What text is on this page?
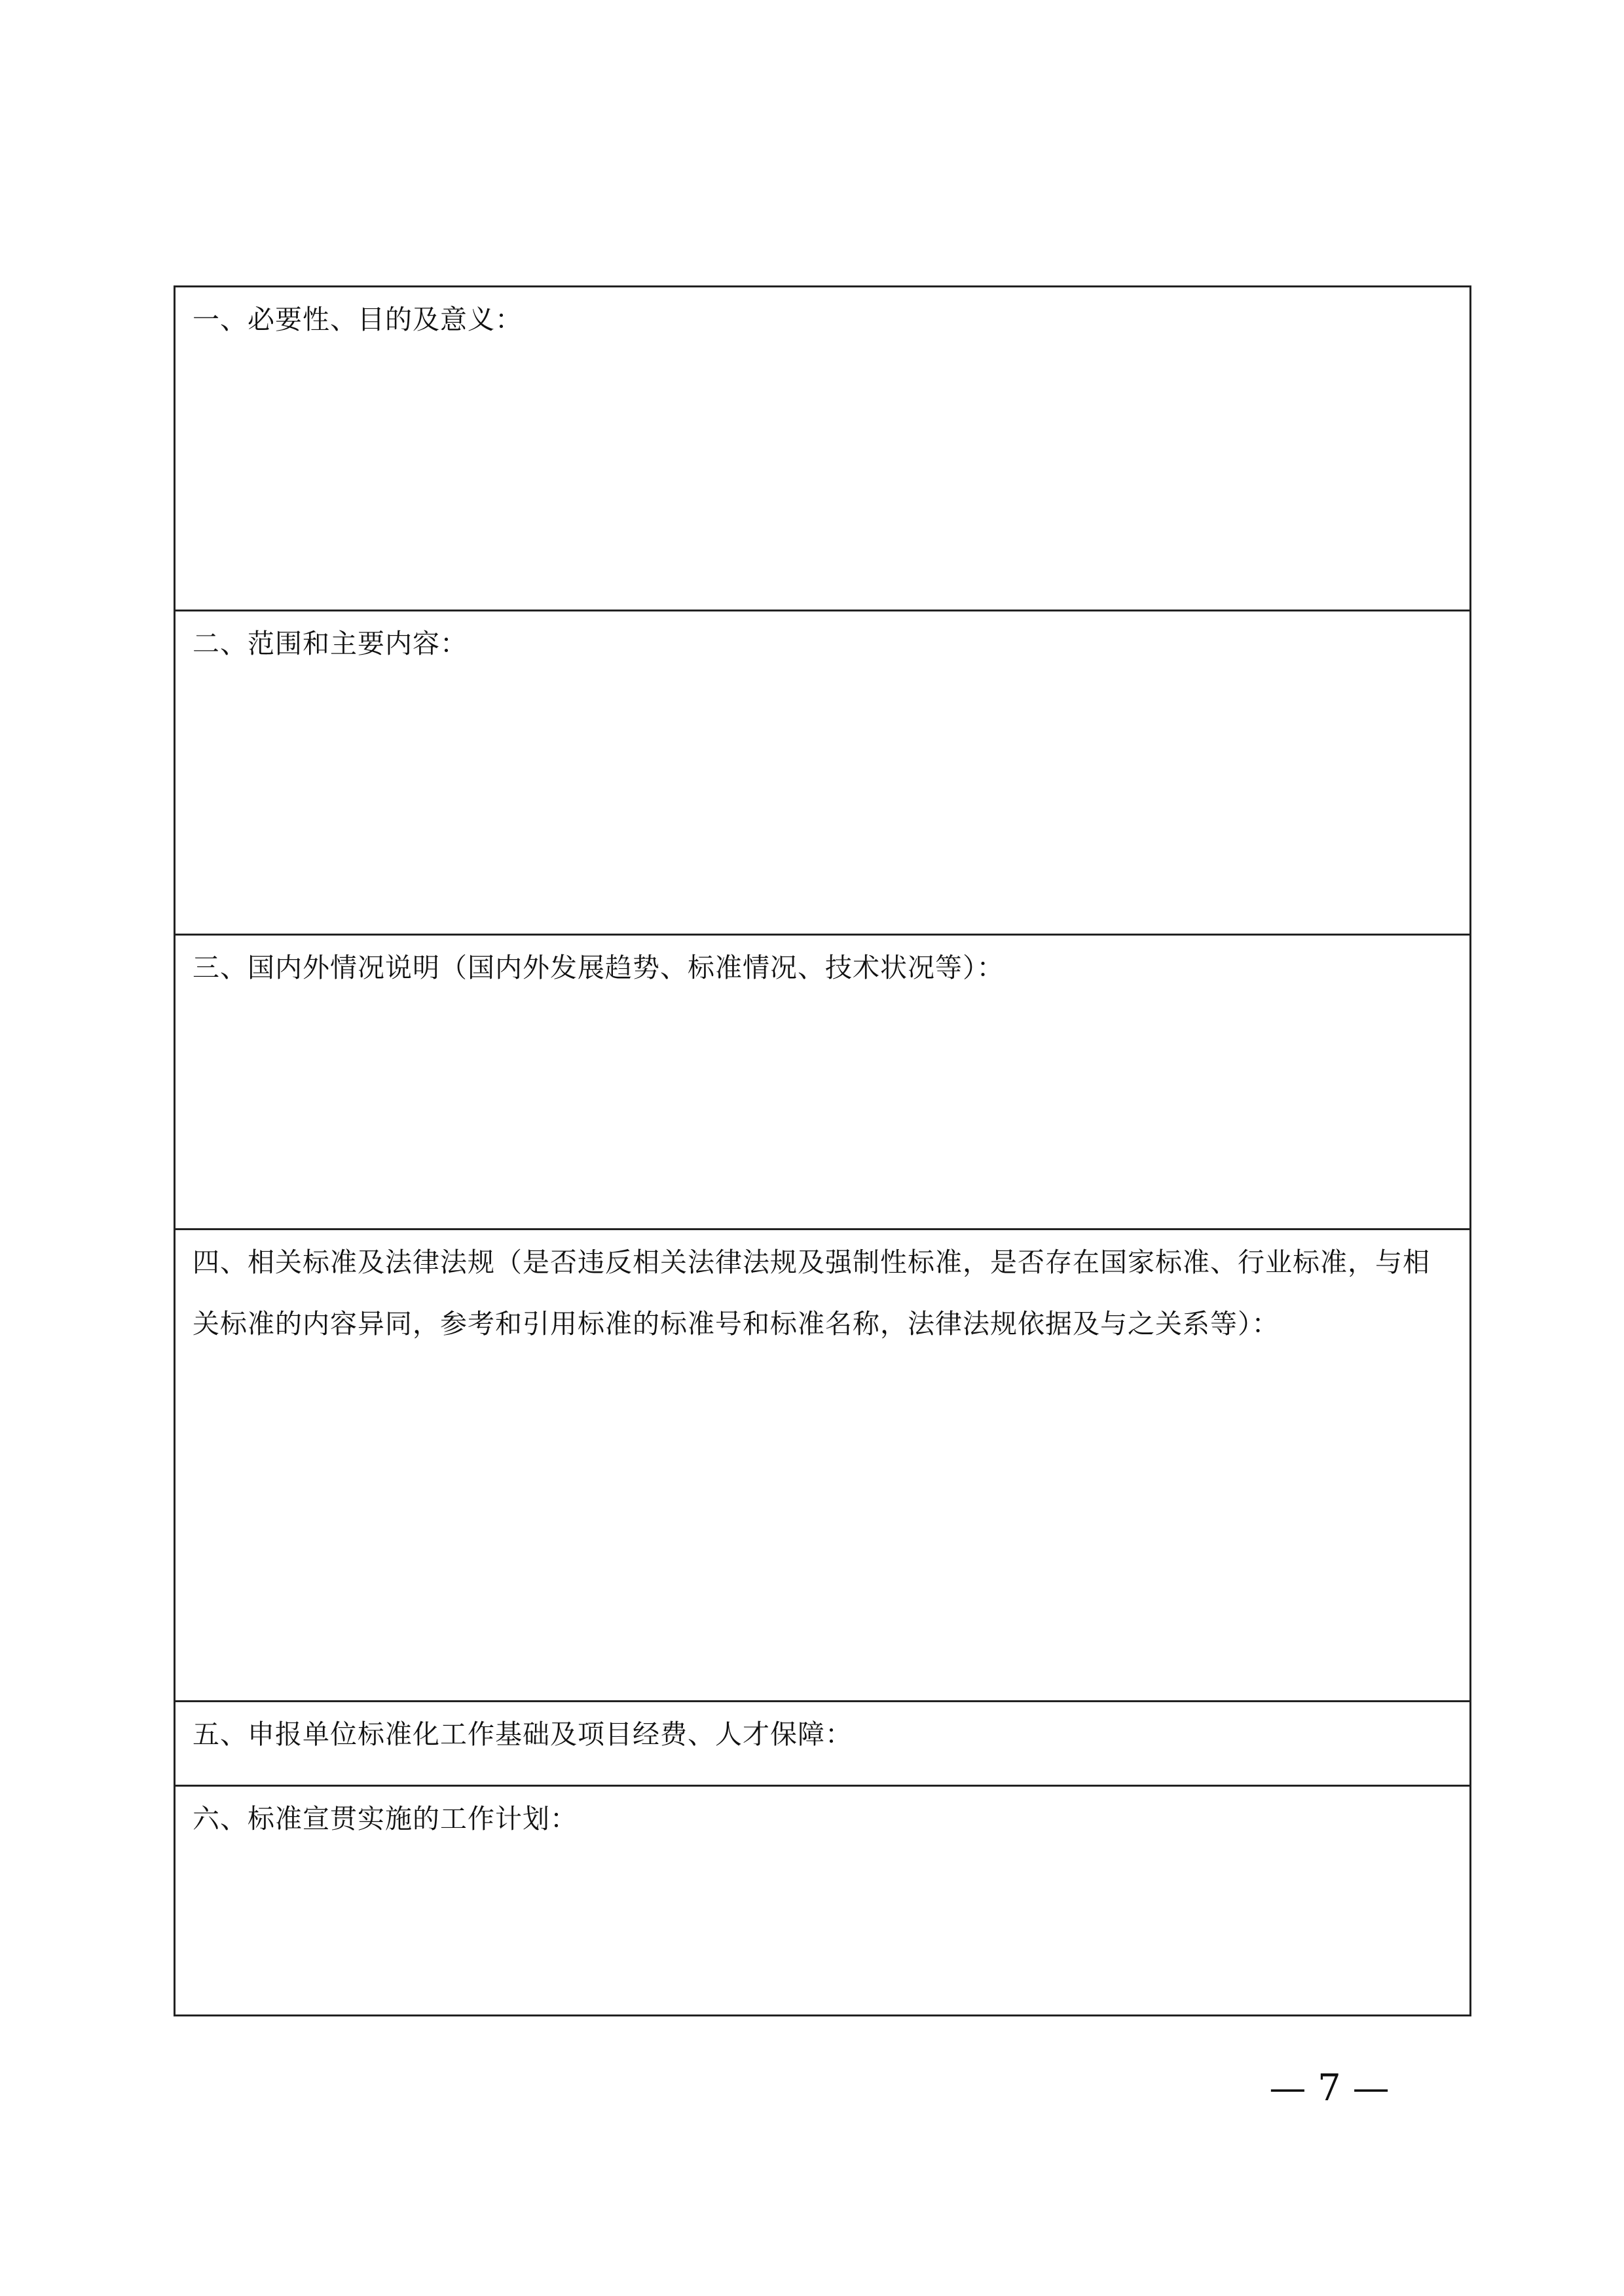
一、必要性、目的及意义：
二、范围和主要内容：
三、国内外情况说明（国内外发展趋势、标准情况、技术状况等）：
四、相关标准及法律法规（是否违反相关法律法规及强制性标准，是否存在国家标准、行业标准，与相关标准的内容异同，参考和引用标准的标准号和标准名称，法律法规依据及与之关系等）：
五、申报单位标准化工作基础及项目经费、人才保障：
六、标准宣贯实施的工作计划：
— 7 —
